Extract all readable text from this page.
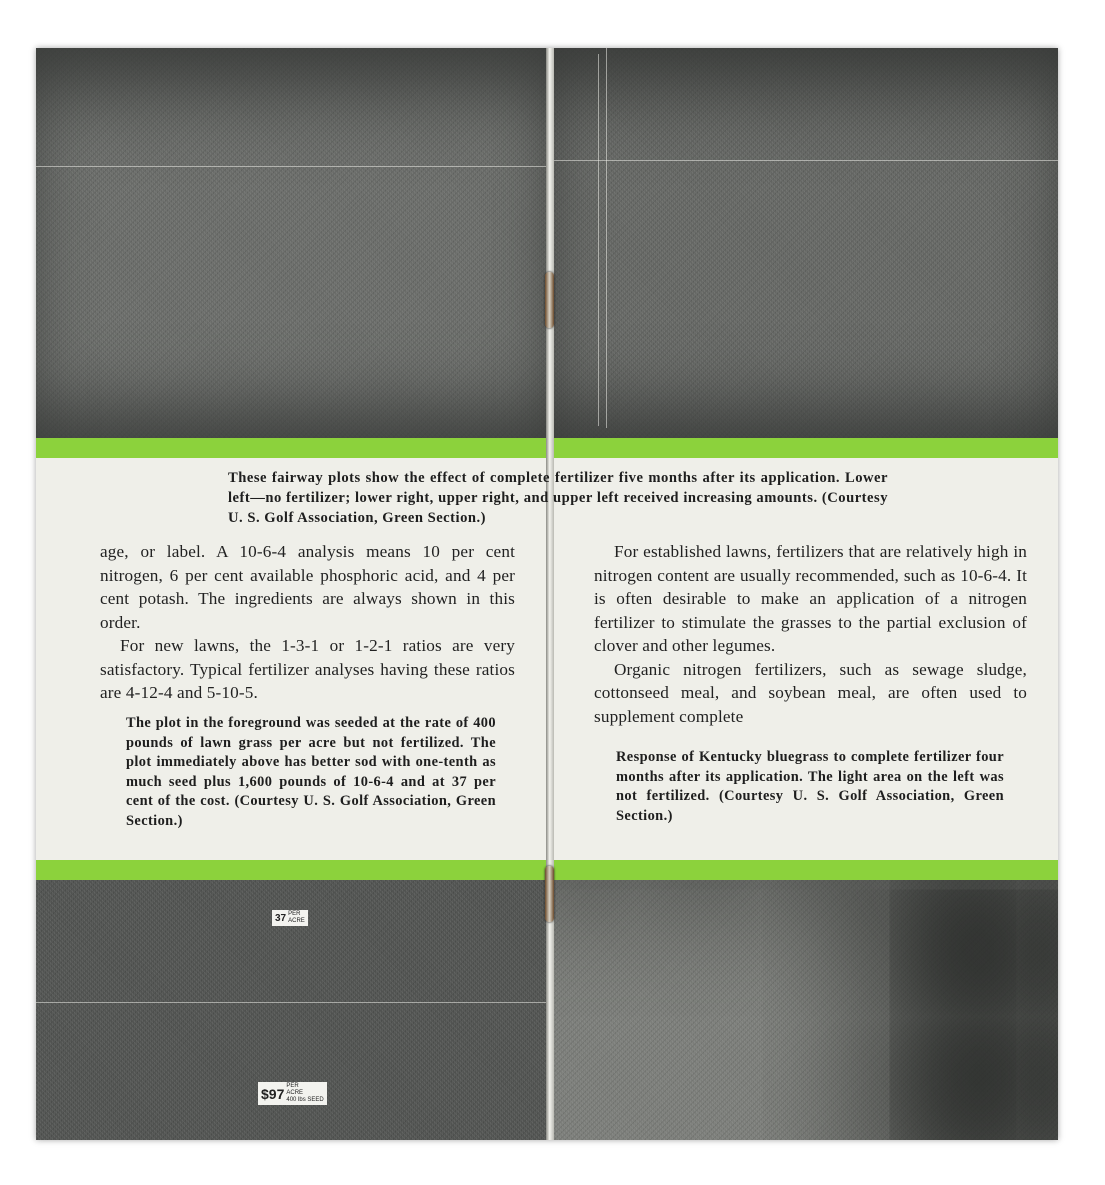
age, or label. A 10-6-4 analysis means 10 per cent nitrogen, 6 per cent available phosphoric acid, and 4 per cent potash. The ingredients are always shown in this order.

For new lawns, the 1-3-1 or 1-2-1 ratios are very satisfactory. Typical fertilizer analyses having these ratios are 4-12-4 and 5-10-5.

The plot in the foreground was seeded at the rate of 400 pounds of lawn grass per acre but not fertilized. The plot immediately above has better sod with one-tenth as much seed plus 1,600 pounds of 10-6-4 and at 37 per cent of the cost. (Courtesy U. S. Golf Association, Green Section.)
37 PER
ACRE
$97 PER
ACRE
400 lbs SEED

For established lawns, fertilizers that are relatively high in nitrogen content are usually recommended, such as 10-6-4. It is often desirable to make an application of a nitrogen fertilizer to stimulate the grasses to the partial exclusion of clover and other legumes.

Organic nitrogen fertilizers, such as sewage sludge, cottonseed meal, and soybean meal, are often used to supplement complete

Response of Kentucky bluegrass to complete fertilizer four months after its application. The light area on the left was not fertilized. (Courtesy U. S. Golf Association, Green Section.)
These fairway plots show the effect of complete fertilizer five months after its application. Lower left—no fertilizer; lower right, upper right, and upper left received increasing amounts. (Courtesy U. S. Golf Association, Green Section.)
